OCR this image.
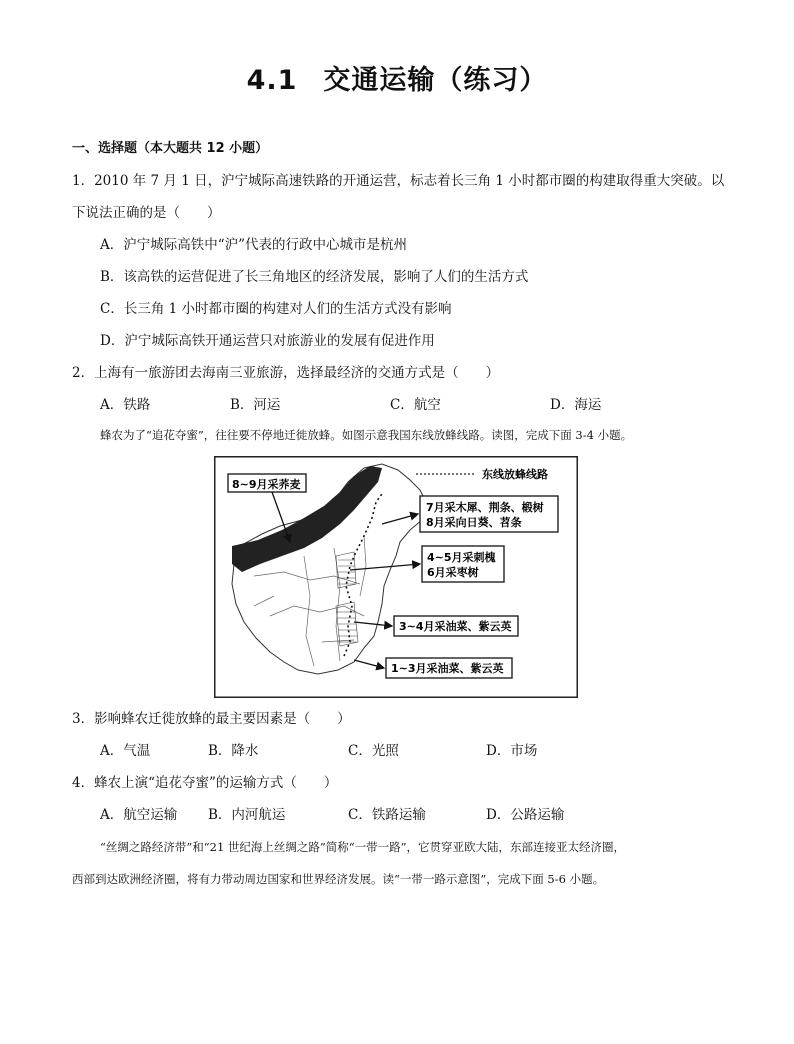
4.1 交通运输（练习）
一、选择题（本大题共 12 小题）
1．2010 年 7 月 1 日，沪宁城际高速铁路的开通运营，标志着长三角 1 小时都市圈的构建取得重大突破。以
下说法正确的是（　　）
A．沪宁城际高铁中“沪”代表的行政中心城市是杭州
B．该高铁的运营促进了长三角地区的经济发展，影响了人们的生活方式
C．长三角 1 小时都市圈的构建对人们的生活方式没有影响
D．沪宁城际高铁开通运营只对旅游业的发展有促进作用
2．上海有一旅游团去海南三亚旅游，选择最经济的交通方式是（　　）
A．铁路	B．河运	C．航空	D．海运
蜂农为了“追花夺蜜”，往往要不停地迁徙放蜂。如图示意我国东线放蜂线路。读图，完成下面 3-4 小题。
8~9月采荞麦
东线放蜂线路
7月采木犀、荆条、椴树
8月采向日葵、苕条
4~5月采刺槐
6月采枣树
3~4月采油菜、紫云英
1~3月采油菜、紫云英
3．影响蜂农迁徙放蜂的最主要因素是（　　）
A．气温	B．降水	C．光照	D．市场
4．蜂农上演“追花夺蜜”的运输方式（　　）
A．航空运输 B．内河航运	C．铁路运输	D．公路运输
“丝绸之路经济带”和“21 世纪海上丝绸之路”简称“一带一路”，它贯穿亚欧大陆，东部连接亚太经济圈，
西部到达欧洲经济圈，将有力带动周边国家和世界经济发展。读“一带一路示意图”，完成下面 5-6 小题。
